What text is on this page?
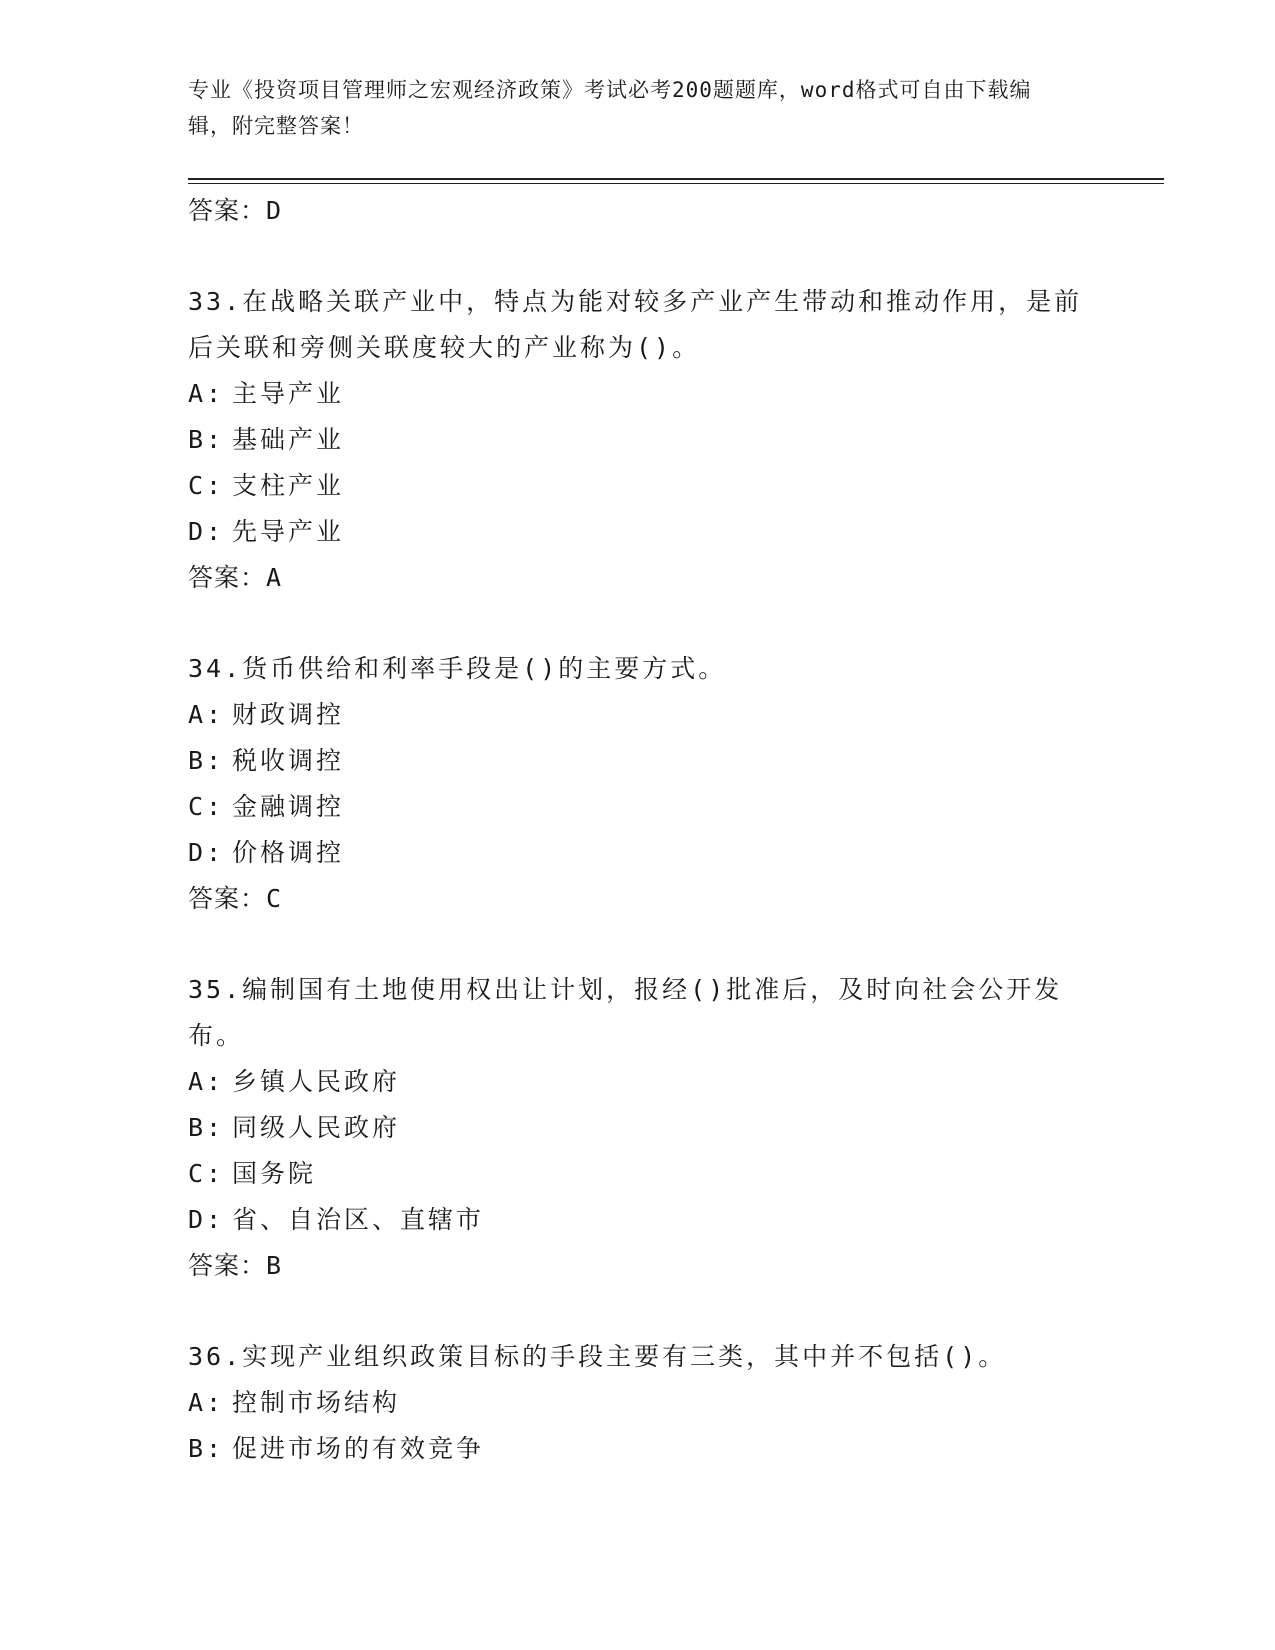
专业《投资项目管理师之宏观经济政策》考试必考200题题库，word格式可自由下载编辑，附完整答案！
答案：D
33.在战略关联产业中，特点为能对较多产业产生带动和推动作用，是前后关联和旁侧关联度较大的产业称为()。
A: 主导产业
B: 基础产业
C: 支柱产业
D: 先导产业
答案：A
34.货币供给和利率手段是()的主要方式。
A: 财政调控
B: 税收调控
C: 金融调控
D: 价格调控
答案：C
35.编制国有土地使用权出让计划，报经()批准后，及时向社会公开发布。
A: 乡镇人民政府
B: 同级人民政府
C: 国务院
D: 省、自治区、直辖市
答案：B
36.实现产业组织政策目标的手段主要有三类，其中并不包括()。
A: 控制市场结构
B: 促进市场的有效竞争
